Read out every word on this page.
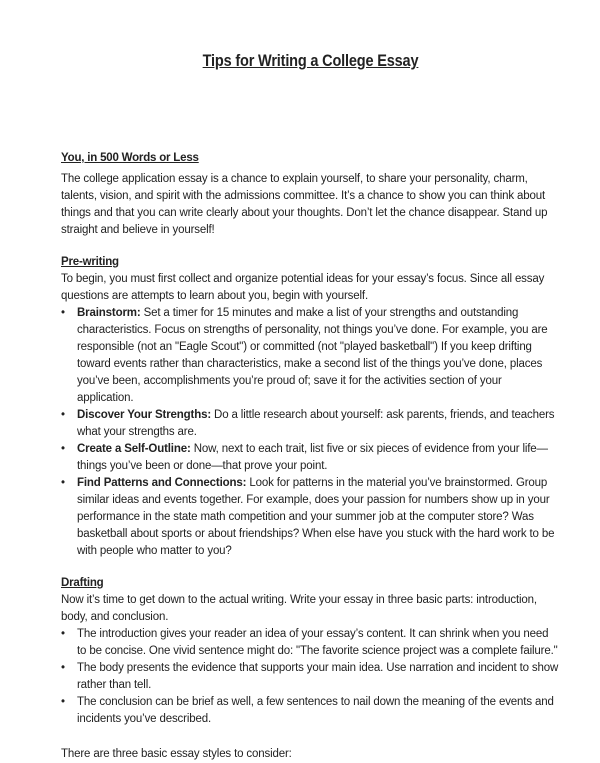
Tips for Writing a College Essay
You, in 500 Words or Less

The college application essay is a chance to explain yourself, to share your personality, charm, talents, vision, and spirit with the admissions committee. It’s a chance to show you can think about things and that you can write clearly about your thoughts. Don’t let the chance disappear. Stand up straight and believe in yourself!

Pre-writing

To begin, you must first collect and organize potential ideas for your essay’s focus. Since all essay questions are attempts to learn about you, begin with yourself.

•	Brainstorm: Set a timer for 15 minutes and make a list of your strengths and outstanding characteristics. Focus on strengths of personality, not things you’ve done. For example, you are responsible (not an "Eagle Scout") or committed (not "played basketball") If you keep drifting toward events rather than characteristics, make a second list of the things you’ve done, places you’ve been, accomplishments you’re proud of; save it for the activities section of your application.
•	Discover Your Strengths: Do a little research about yourself: ask parents, friends, and teachers what your strengths are.
•	Create a Self-Outline: Now, next to each trait, list five or six pieces of evidence from your life—things you’ve been or done—that prove your point.
•	Find Patterns and Connections: Look for patterns in the material you’ve brainstormed. Group similar ideas and events together. For example, does your passion for numbers show up in your performance in the state math competition and your summer job at the computer store? Was basketball about sports or about friendships? When else have you stuck with the hard work to be with people who matter to you?
Drafting

Now it’s time to get down to the actual writing. Write your essay in three basic parts: introduction, body, and conclusion.

•	The introduction gives your reader an idea of your essay’s content. It can shrink when you need to be concise. One vivid sentence might do: "The favorite science project was a complete failure."
•	The body presents the evidence that supports your main idea. Use narration and incident to show rather than tell.
•	The conclusion can be brief as well, a few sentences to nail down the meaning of the events and incidents you’ve described.

There are three basic essay styles to consider:
